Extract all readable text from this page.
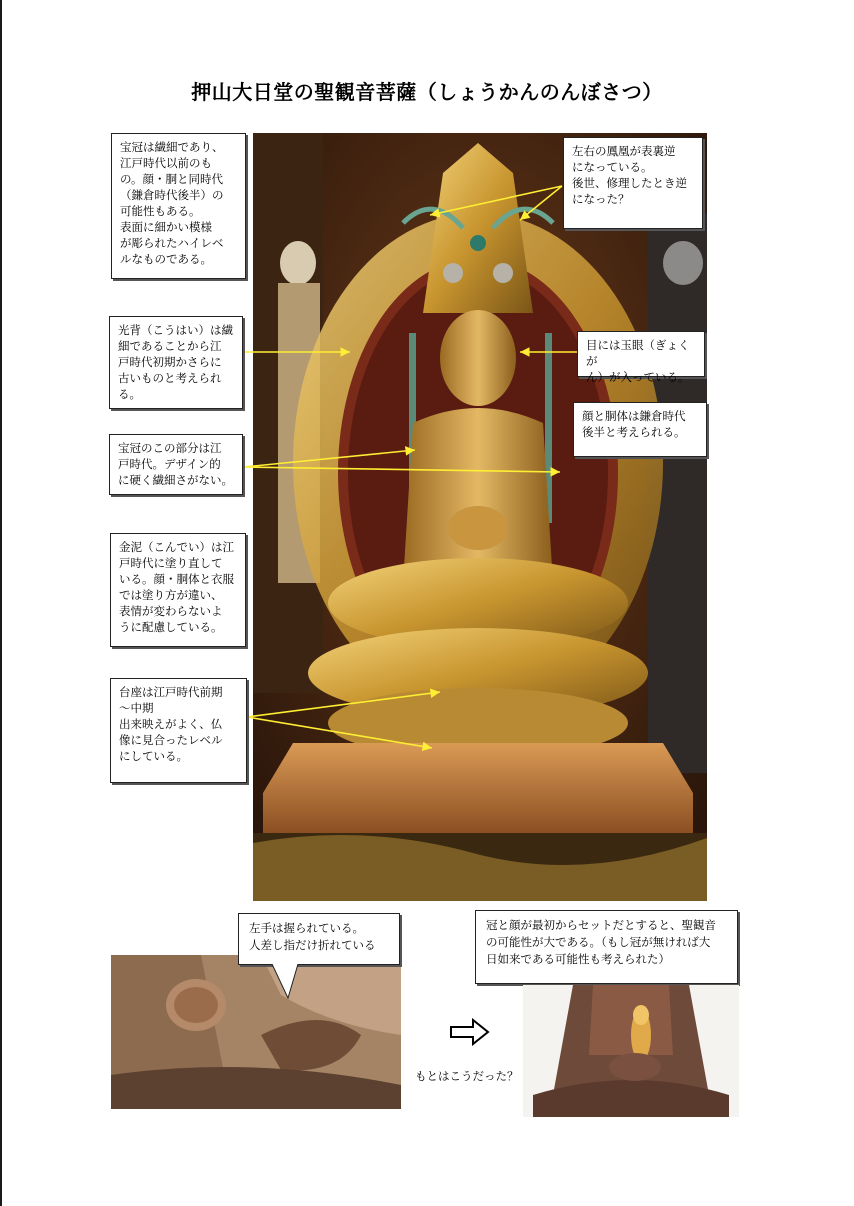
押山大日堂の聖観音菩薩（しょうかんのんぼさつ）
宝冠は繊細であり、
江戸時代以前のも
の。顔・胴と同時代
（鎌倉時代後半）の
可能性もある。
表面に細かい模様
が彫られたハイレベ
ルなものである。
光背（こうはい）は繊
細であることから江
戸時代初期かさらに
古いものと考えられ
る。
宝冠のこの部分は江
戸時代。デザイン的
に硬く繊細さがない。
金泥（こんでい）は江
戸時代に塗り直して
いる。顔・胴体と衣服
では塗り方が違い、
表情が変わらないよ
うに配慮している。
台座は江戸時代前期
～中期
出来映えがよく、仏
像に見合ったレベル
にしている。
左右の鳳凰が表裏逆
になっている。
後世、修理したとき逆
になった？
目には玉眼（ぎょくが
ん）が入っている。
顔と胴体は鎌倉時代
後半と考えられる。
左手は握られている。
人差し指だけ折れている
もとはこうだった？
冠と顔が最初からセットだとすると、聖観音
の可能性が大である。（もし冠が無ければ大
日如来である可能性も考えられた）
